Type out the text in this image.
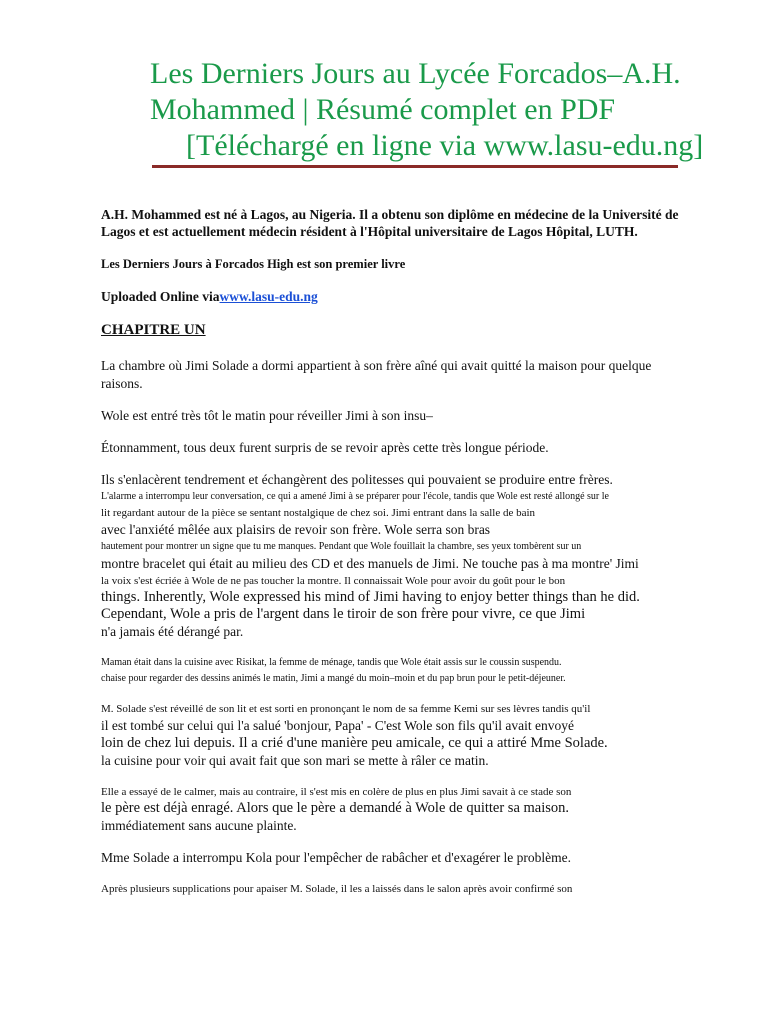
Les Derniers Jours au Lycée Forcados–A.H.
Mohammed | Résumé complet en PDF

[Téléchargé en ligne via www.lasu-edu.ng]

A.H. Mohammed est né à Lagos, au Nigeria. Il a obtenu son diplôme en médecine de la Université de Lagos et est actuellement médecin résident à l'Hôpital universitaire de Lagos Hôpital, LUTH.

Les Derniers Jours à Forcados High est son premier livre

Uploaded Online viawww.lasu-edu.ng

CHAPITRE UN

La chambre où Jimi Solade a dormi appartient à son frère aîné qui avait quitté la maison pour quelque

raisons.

Wole est entré très tôt le matin pour réveiller Jimi à son insu–

Étonnamment, tous deux furent surpris de se revoir après cette très longue période.

Ils s'enlacèrent tendrement et échangèrent des politesses qui pouvaient se produire entre frères.

L'alarme a interrompu leur conversation, ce qui a amené Jimi à se préparer pour l'école, tandis que Wole est resté allongé sur le

lit regardant autour de la pièce se sentant nostalgique de chez soi. Jimi entrant dans la salle de bain

avec l'anxiété mêlée aux plaisirs de revoir son frère. Wole serra son bras

hautement pour montrer un signe que tu me manques. Pendant que Wole fouillait la chambre, ses yeux tombèrent sur un

montre bracelet qui était au milieu des CD et des manuels de Jimi. Ne touche pas à ma montre' Jimi

la voix s'est écriée à Wole de ne pas toucher la montre. Il connaissait Wole pour avoir du goût pour le bon

things. Inherently, Wole expressed his mind of Jimi having to enjoy better things than he did.

Cependant, Wole a pris de l'argent dans le tiroir de son frère pour vivre, ce que Jimi

n'a jamais été dérangé par.

Maman était dans la cuisine avec Risikat, la femme de ménage, tandis que Wole était assis sur le coussin suspendu.

chaise pour regarder des dessins animés le matin, Jimi a mangé du moin–moin et du pap brun pour le petit-déjeuner.

M. Solade s'est réveillé de son lit et est sorti en prononçant le nom de sa femme Kemi sur ses lèvres tandis qu'il

il est tombé sur celui qui l'a salué 'bonjour, Papa' - C'est Wole son fils qu'il avait envoyé

loin de chez lui depuis. Il a crié d'une manière peu amicale, ce qui a attiré Mme Solade.

la cuisine pour voir qui avait fait que son mari se mette à râler ce matin.

Elle a essayé de le calmer, mais au contraire, il s'est mis en colère de plus en plus Jimi savait à ce stade son

le père est déjà enragé. Alors que le père a demandé à Wole de quitter sa maison.

immédiatement sans aucune plainte.

Mme Solade a interrompu Kola pour l'empêcher de rabâcher et d'exagérer le problème.

Après plusieurs supplications pour apaiser M. Solade, il les a laissés dans le salon après avoir confirmé son
